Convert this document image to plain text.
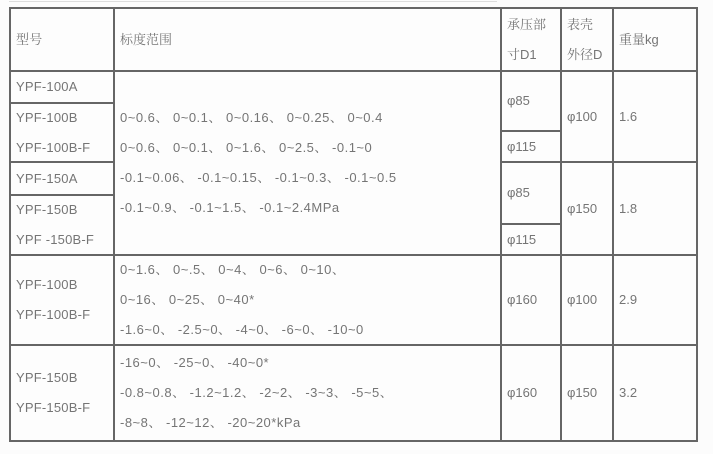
型号
YPF-100A
YPF-100B
YPF-100B-F
YPF-150A
YPF-150B
YPF -150B-F
YPF-100B
YPF-100B-F
YPF-150B
YPF-150B-F
标度范围
0~0.6、 0~0.1、 0~0.16、 0~0.25、 0~0.4
0~0.6、 0~0.1、 0~1.6、 0~2.5、 -0.1~0
-0.1~0.06、 -0.1~0.15、 -0.1~0.3、 -0.1~0.5
-0.1~0.9、 -0.1~1.5、 -0.1~2.4MPa
0~1.6、 0~.5、 0~4、 0~6、 0~10、
0~16、 0~25、 0~40*
-1.6~0、 -2.5~0、 -4~0、 -6~0、 -10~0
-16~0、 -25~0、 -40~0*
-0.8~0.8、 -1.2~1.2、 -2~2、 -3~3、 -5~5、
-8~8、 -12~12、 -20~20*kPa
承压部
寸D1
φ85
φ115
φ85
φ115
φ160
φ160
表壳
外径D
φ100
φ150
φ100
φ150
重量kg
1.6
1.8
2.9
3.2
